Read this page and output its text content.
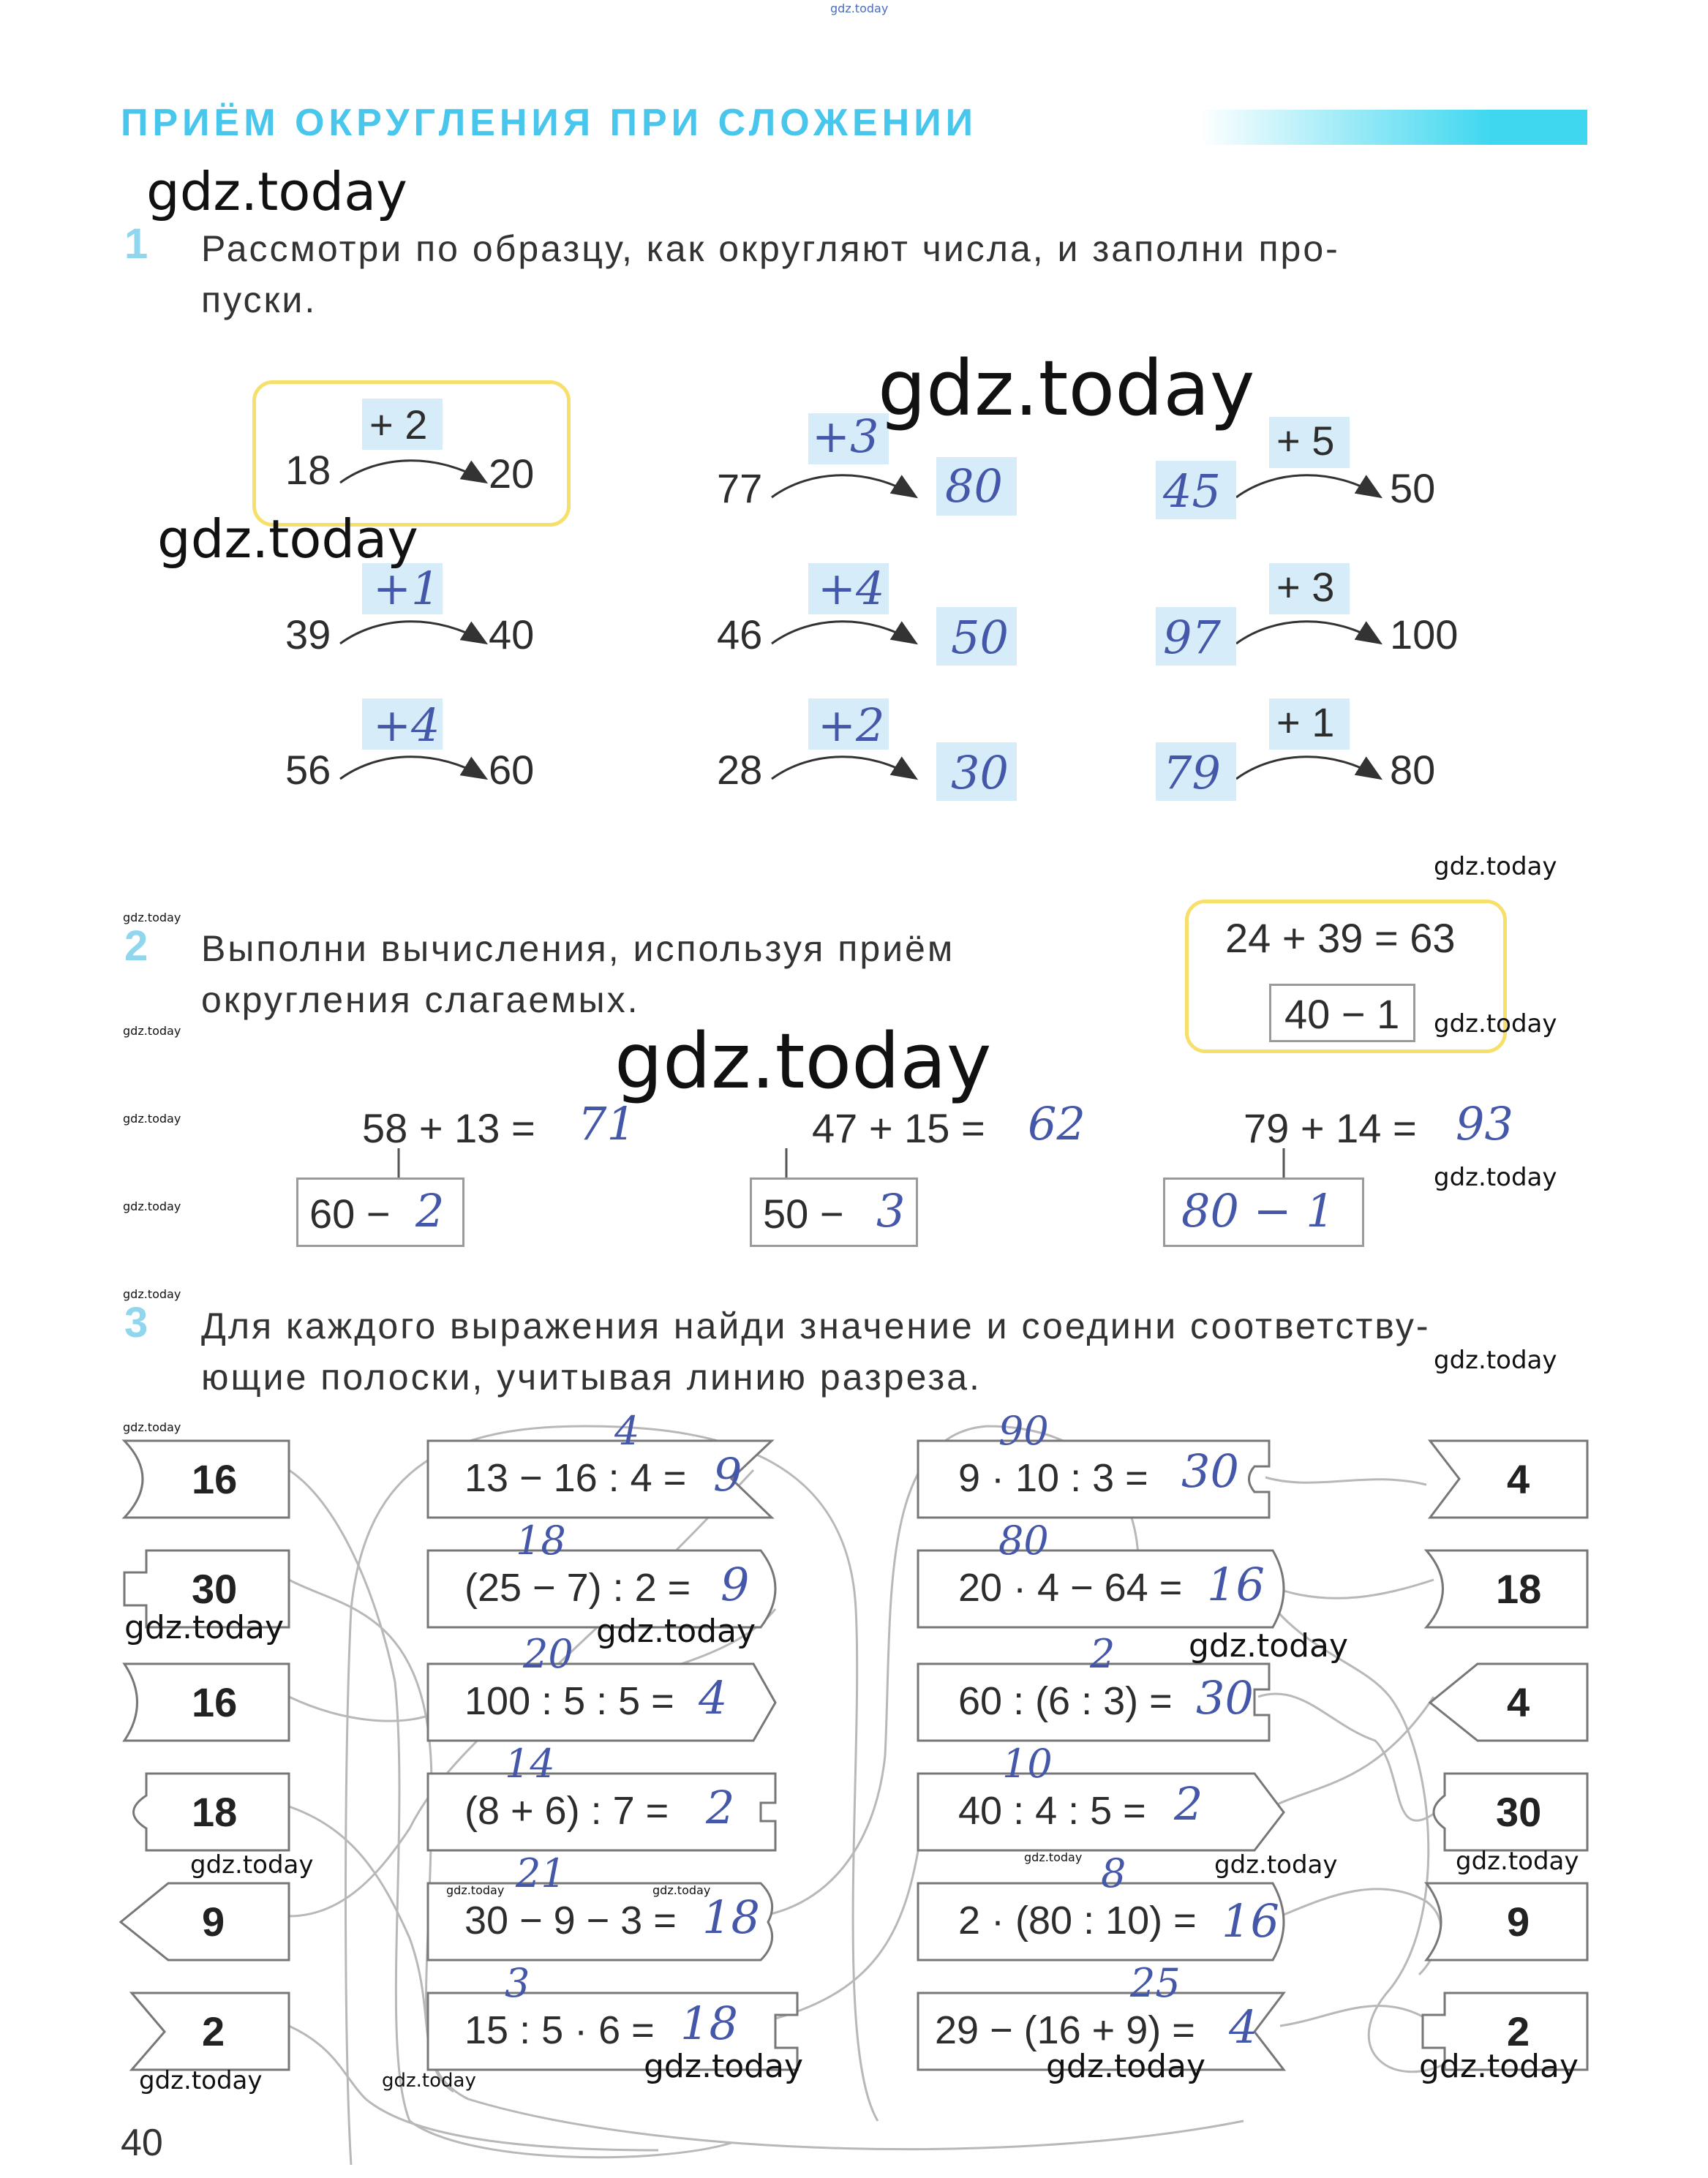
gdz.today
ПРИЁМ ОКРУГЛЕНИЯ ПРИ СЛОЖЕНИИ
1 Рассмотри по образцу, как округляют числа, и заполни про-
пуски.
18
+ 2
20	77
+3
80	45
+ 5
50
39
+1
40	46
+4
50	97
+ 3
100
56
+4
60	28
+2
30	79
+ 1
80
2 Выполни вычисления, используя приём
округления слагаемых.
24 + 39 = 63
40 − 1
58 + 13 = 71
60 − 2
47 + 15 = 62
50 − 3
79 + 14 = 93
80 − 1
3 Для каждого выражения найди значение и соедини соответству-
ющие полоски, учитывая линию разреза.
16
30
16
18
9
2
13 − 16 : 4 = 9
4
(25 − 7) : 2 = 9
18
100 : 5 : 5 = 4
20
(8 + 6) : 7 = 2
14
30 − 9 − 3 = 18
21
15 : 5 · 6 = 18
3
9 · 10 : 3 = 30
90
20 · 4 − 64 = 16
80
60 : (6 : 3) = 30
2
40 : 4 : 5 = 2
10
2 · (80 : 10) = 16
8
29 − (16 + 9) = 4
25
4
18
4
30
9
2
40
gdz.today
gdz.today
gdz.today
gdz.today
gdz.today	gdz.today	gdz.today
gdz.today	gdz.today	gdz.today
gdz.today
gdz.today
gdz.today
gdz.today
gdz.today	gdz.today	gdz.today
gdz.today
gdz.today
gdz.today
gdz.today
gdz.today
gdz.today
gdz.today
gdz.today	gdz.today
gdz.today
gdz.today
